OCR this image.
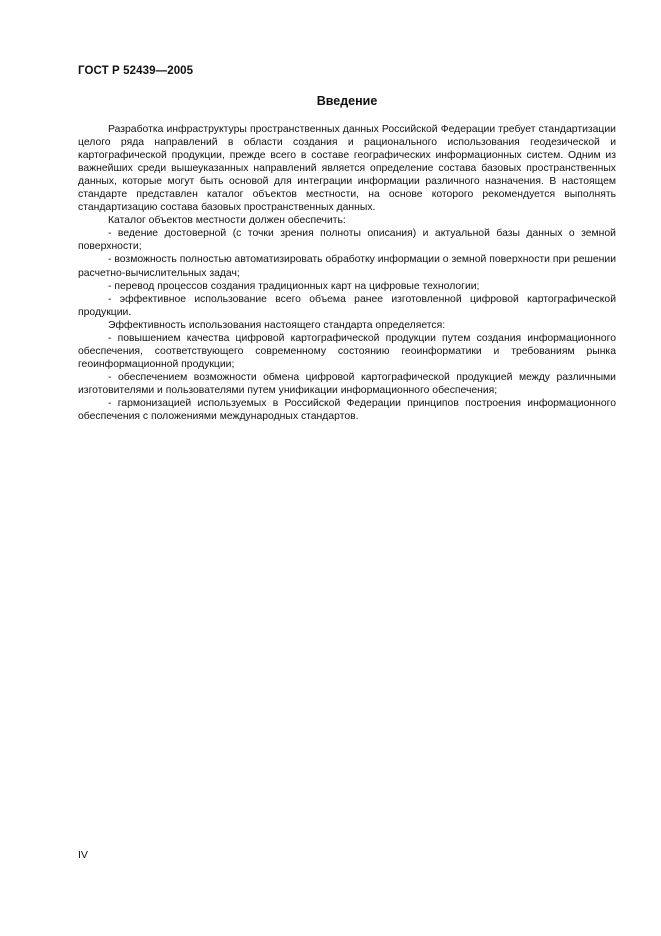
ГОСТ Р 52439—2005
Введение

Разработка инфраструктуры пространственных данных Российской Федерации требует стандартизации целого ряда направлений в области создания и рационального использования геодезической и картографической продукции, прежде всего в составе географических информационных систем. Одним из важнейших среди вышеуказанных направлений является определение состава базовых пространственных данных, которые могут быть основой для интеграции информации различного назначения. В настоящем стандарте представлен каталог объектов местности, на основе которого рекомендуется выполнять стандартизацию состава базовых пространственных данных.

Каталог объектов местности должен обеспечить:

- ведение достоверной (с точки зрения полноты описания) и актуальной базы данных о земной поверхности;

- возможность полностью автоматизировать обработку информации о земной поверхности при решении расчетно-вычислительных задач;

- перевод процессов создания традиционных карт на цифровые технологии;

- эффективное использование всего объема ранее изготовленной цифровой картографической продукции.

Эффективность использования настоящего стандарта определяется:

- повышением качества цифровой картографической продукции путем создания информационного обеспечения, соответствующего современному состоянию геоинформатики и требованиям рынка геоинформационной продукции;

- обеспечением возможности обмена цифровой картографической продукцией между различными изготовителями и пользователями путем унификации информационного обеспечения;

- гармонизацией используемых в Российской Федерации принципов построения информационного обеспечения с положениями международных стандартов.

IV
